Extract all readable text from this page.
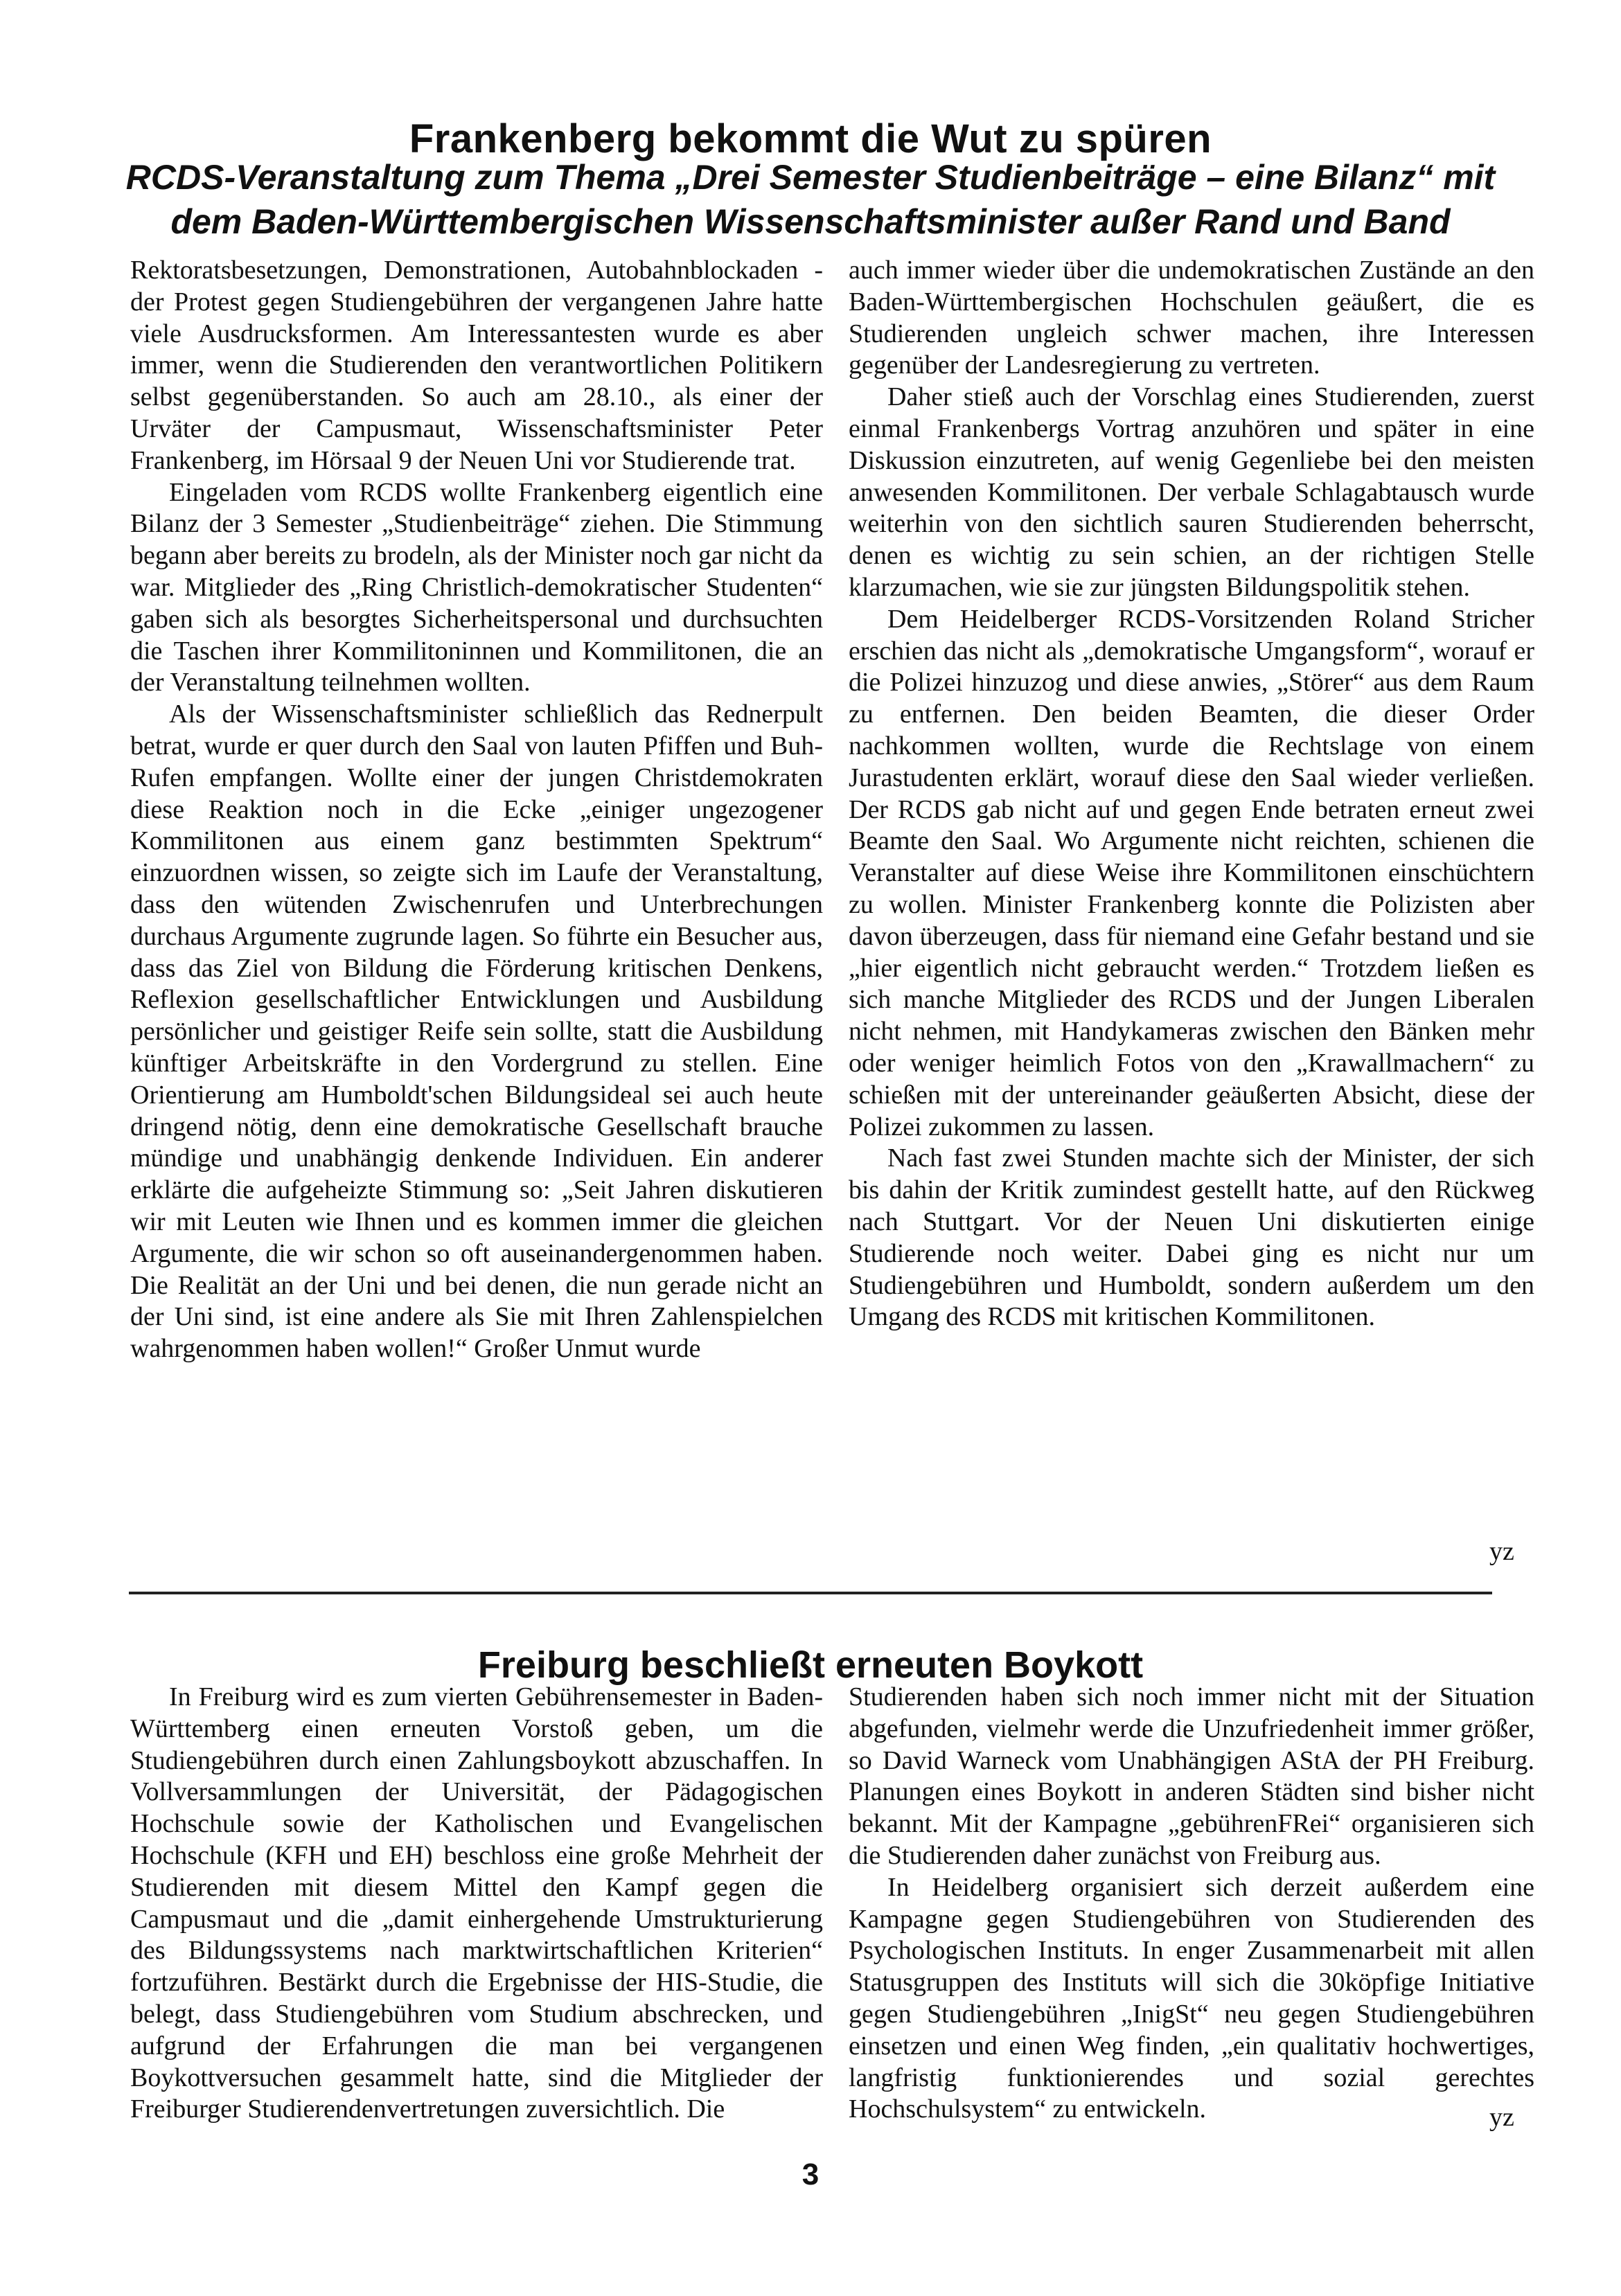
Frankenberg bekommt die Wut zu spüren
RCDS-Veranstaltung zum Thema „Drei Semester Studienbeiträge – eine Bilanz“ mit
dem Baden-Württembergischen Wissenschaftsminister außer Rand und Band

Rektoratsbesetzungen, Demonstrationen, Autobahnblockaden - der Protest gegen Studiengebühren der vergangenen Jahre hatte viele Ausdrucksformen. Am Interessantesten wurde es aber immer, wenn die Studierenden den verantwortlichen Politikern selbst gegenüberstanden. So auch am 28.10., als einer der Urväter der Campusmaut, Wissenschaftsminister Peter Frankenberg, im Hörsaal 9 der Neuen Uni vor Studierende trat.

Eingeladen vom RCDS wollte Frankenberg eigentlich eine Bilanz der 3 Semester „Studienbeiträge“ ziehen. Die Stimmung begann aber bereits zu brodeln, als der Minister noch gar nicht da war. Mitglieder des „Ring Christlich-demokratischer Studenten“ gaben sich als besorgtes Sicherheitspersonal und durchsuchten die Taschen ihrer Kommilitoninnen und Kommilitonen, die an der Veranstaltung teilnehmen wollten.

Als der Wissenschaftsminister schließlich das Rednerpult betrat, wurde er quer durch den Saal von lauten Pfiffen und Buh-Rufen empfangen. Wollte einer der jungen Christdemokraten diese Reaktion noch in die Ecke „einiger ungezogener Kommilitonen aus einem ganz bestimmten Spektrum“ einzuordnen wissen, so zeigte sich im Laufe der Veranstaltung, dass den wütenden Zwischenrufen und Unterbrechungen durchaus Argumente zugrunde lagen. So führte ein Besucher aus, dass das Ziel von Bildung die Förderung kritischen Denkens, Reflexion gesellschaftlicher Entwicklungen und Ausbildung persönlicher und geistiger Reife sein sollte, statt die Ausbildung künftiger Arbeitskräfte in den Vordergrund zu stellen. Eine Orientierung am Humboldt'schen Bildungsideal sei auch heute dringend nötig, denn eine demokratische Gesellschaft brauche mündige und unabhängig denkende Individuen. Ein anderer erklärte die aufgeheizte Stimmung so: „Seit Jahren diskutieren wir mit Leuten wie Ihnen und es kommen immer die gleichen Argumente, die wir schon so oft auseinandergenommen haben. Die Realität an der Uni und bei denen, die nun gerade nicht an der Uni sind, ist eine andere als Sie mit Ihren Zahlenspielchen wahrgenommen haben wollen!“ Großer Unmut wurde

auch immer wieder über die undemokratischen Zustände an den Baden-Württembergischen Hochschulen geäußert, die es Studierenden ungleich schwer machen, ihre Interessen gegenüber der Landesregierung zu vertreten.

Daher stieß auch der Vorschlag eines Studierenden, zuerst einmal Frankenbergs Vortrag anzuhören und später in eine Diskussion einzutreten, auf wenig Gegenliebe bei den meisten anwesenden Kommilitonen. Der verbale Schlagabtausch wurde weiterhin von den sichtlich sauren Studierenden beherrscht, denen es wichtig zu sein schien, an der richtigen Stelle klarzumachen, wie sie zur jüngsten Bildungspolitik stehen.

Dem Heidelberger RCDS-Vorsitzenden Roland Stricher erschien das nicht als „demokratische Umgangsform“, worauf er die Polizei hinzuzog und diese anwies, „Störer“ aus dem Raum zu entfernen. Den beiden Beamten, die dieser Order nachkommen wollten, wurde die Rechtslage von einem Jurastudenten erklärt, worauf diese den Saal wieder verließen. Der RCDS gab nicht auf und gegen Ende betraten erneut zwei Beamte den Saal. Wo Argumente nicht reichten, schienen die Veranstalter auf diese Weise ihre Kommilitonen einschüchtern zu wollen. Minister Frankenberg konnte die Polizisten aber davon überzeugen, dass für niemand eine Gefahr bestand und sie „hier eigentlich nicht gebraucht werden.“ Trotzdem ließen es sich manche Mitglieder des RCDS und der Jungen Liberalen nicht nehmen, mit Handykameras zwischen den Bänken mehr oder weniger heimlich Fotos von den „Krawallmachern“ zu schießen mit der untereinander geäußerten Absicht, diese der Polizei zukommen zu lassen.

Nach fast zwei Stunden machte sich der Minister, der sich bis dahin der Kritik zumindest gestellt hatte, auf den Rückweg nach Stuttgart. Vor der Neuen Uni diskutierten einige Studierende noch weiter. Dabei ging es nicht nur um Studiengebühren und Humboldt, sondern außerdem um den Umgang des RCDS mit kritischen Kommilitonen.

yz
Freiburg beschließt erneuten Boykott

In Freiburg wird es zum vierten Gebührensemester in Baden-Württemberg einen erneuten Vorstoß geben, um die Studiengebühren durch einen Zahlungsboykott abzuschaffen. In Vollversammlungen der Universität, der Pädagogischen Hochschule sowie der Katholischen und Evangelischen Hochschule (KFH und EH) beschloss eine große Mehrheit der Studierenden mit diesem Mittel den Kampf gegen die Campusmaut und die „damit einhergehende Umstrukturierung des Bildungssystems nach marktwirtschaftlichen Kriterien“ fortzuführen. Bestärkt durch die Ergebnisse der HIS-Studie, die belegt, dass Studiengebühren vom Studium abschrecken, und aufgrund der Erfahrungen die man bei vergangenen Boykottversuchen gesammelt hatte, sind die Mitglieder der Freiburger Studierendenvertretungen zuversichtlich. Die

Studierenden haben sich noch immer nicht mit der Situation abgefunden, vielmehr werde die Unzufriedenheit immer größer, so David Warneck vom Unabhängigen AStA der PH Freiburg. Planungen eines Boykott in anderen Städten sind bisher nicht bekannt. Mit der Kampagne „gebührenFRei“ organisieren sich die Studierenden daher zunächst von Freiburg aus.

In Heidelberg organisiert sich derzeit außerdem eine Kampagne gegen Studiengebühren von Studierenden des Psychologischen Instituts. In enger Zusammenarbeit mit allen Statusgruppen des Instituts will sich die 30köpfige Initiative gegen Studiengebühren „InigSt“ neu gegen Studiengebühren einsetzen und einen Weg finden, „ein qualitativ hochwertiges, langfristig funktionierendes und sozial gerechtes Hochschulsystem“ zu entwickeln.	yz
3
